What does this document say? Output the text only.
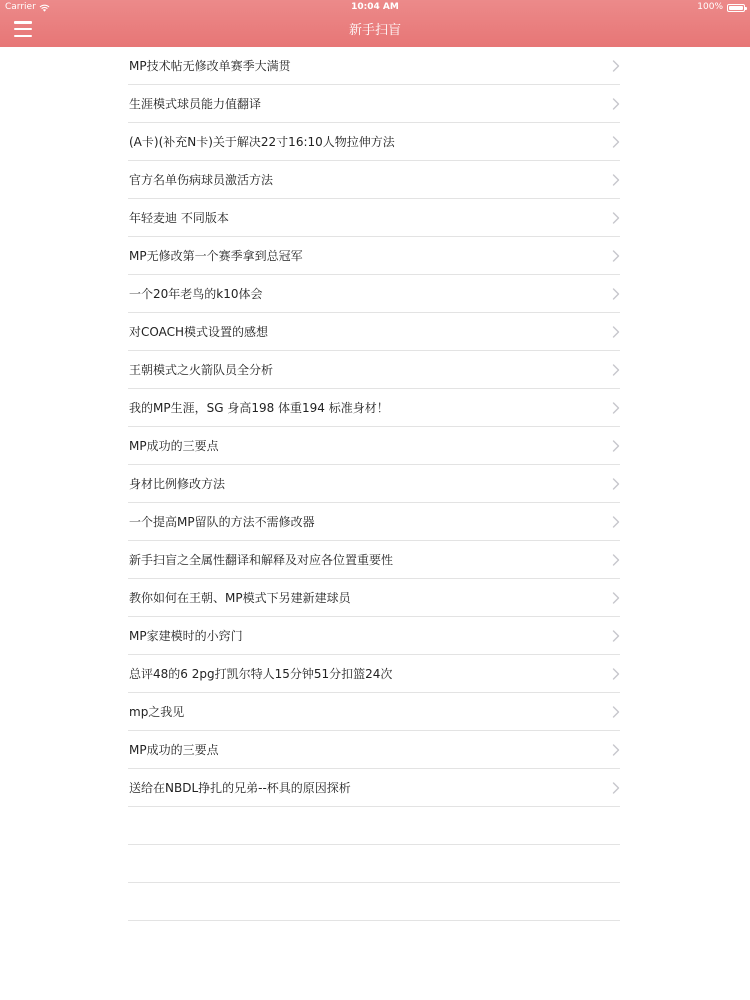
Carrier	10:04 AM	100%
新手扫盲
MP技术帖无修改单赛季大满贯
生涯模式球员能力值翻译
(A卡)(补充N卡)关于解决22寸16:10人物拉伸方法
官方名单伤病球员激活方法
年轻麦迪 不同版本
MP无修改第一个赛季拿到总冠军
一个20年老鸟的k10体会
对COACH模式设置的感想
王朝模式之火箭队员全分析
我的MP生涯，SG 身高198 体重194 标准身材！
MP成功的三要点
身材比例修改方法
一个提高MP留队的方法不需修改器
新手扫盲之全属性翻译和解释及对应各位置重要性
教你如何在王朝、MP模式下另建新建球员
MP家建模时的小窍门
总评48的6 2pg打凯尔特人15分钟51分扣篮24次
mp之我见
MP成功的三要点
送给在NBDL挣扎的兄弟--杯具的原因探析
